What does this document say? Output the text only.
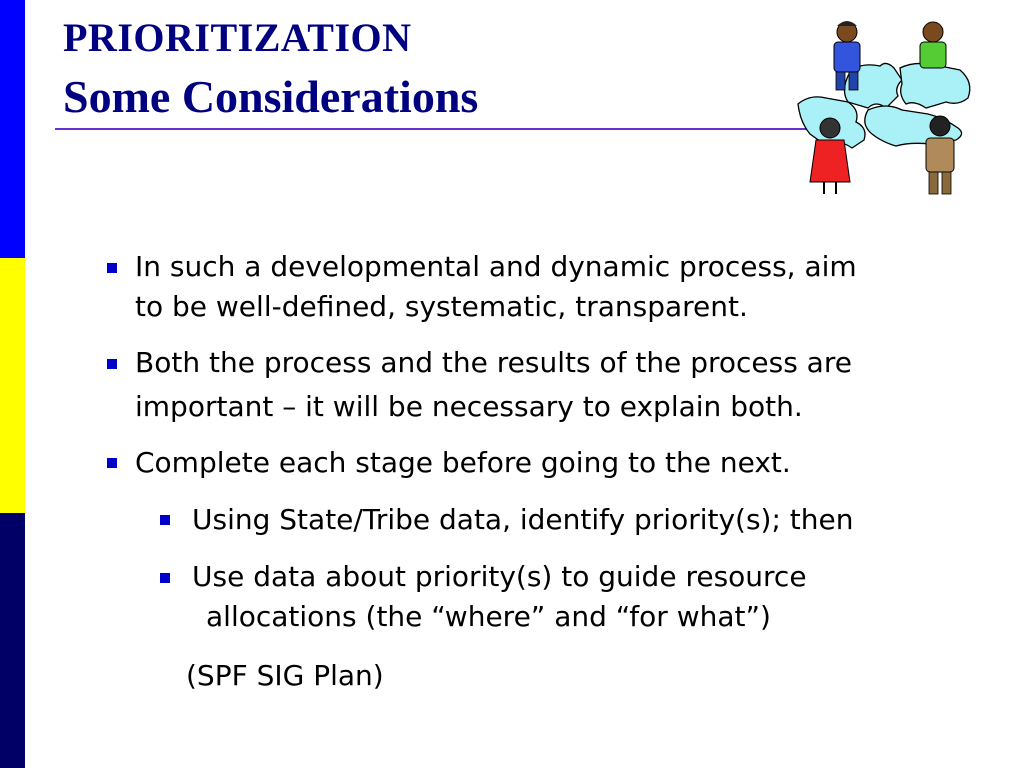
PRIORITIZATION
Some Considerations
In such a developmental and dynamic process, aim
to be well-defined, systematic, transparent.
Both the process and the results of the process are
important – it will be necessary to explain both.
Complete each stage before going to the next.
Using State/Tribe data, identify priority(s); then
Use data about priority(s) to guide resource
allocations (the “where” and “for what”)
(SPF SIG Plan)
